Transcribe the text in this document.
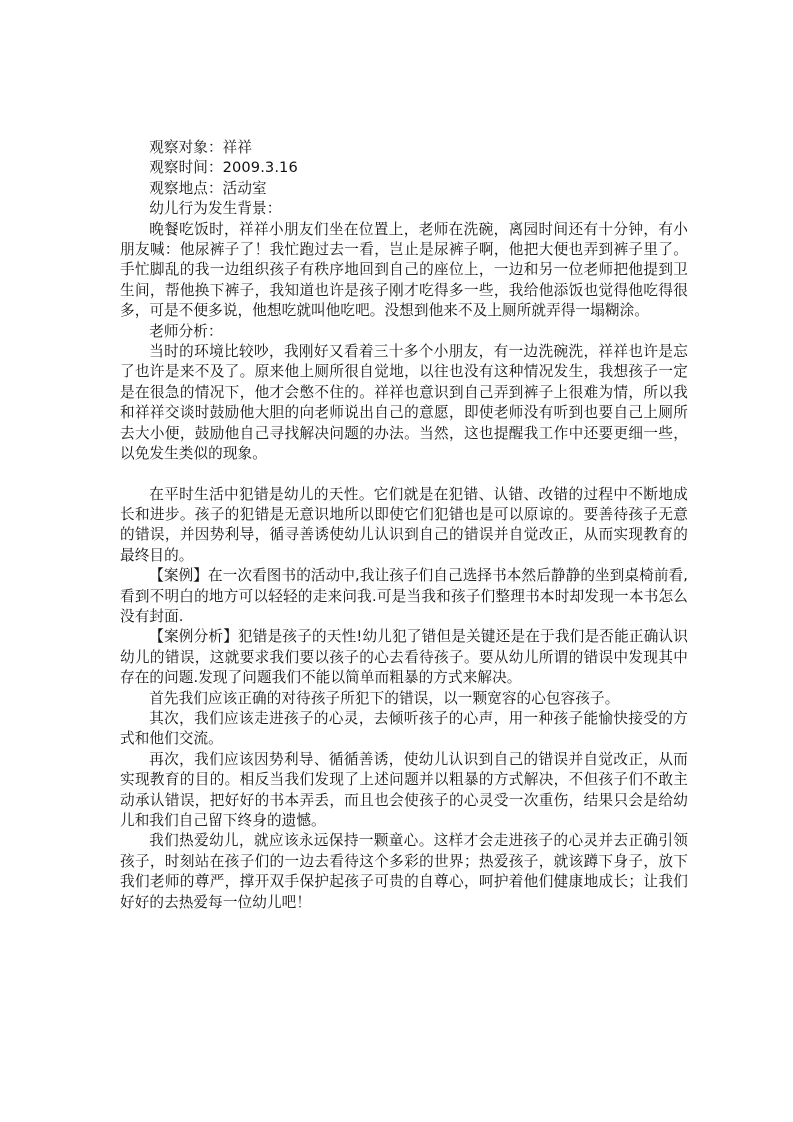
观察对象：祥祥

观察时间：2009.3.16

观察地点：活动室

幼儿行为发生背景：

晚餐吃饭时，祥祥小朋友们坐在位置上，老师在洗碗，离园时间还有十分钟，有小朋友喊：他尿裤子了！我忙跑过去一看，岂止是尿裤子啊，他把大便也弄到裤子里了。手忙脚乱的我一边组织孩子有秩序地回到自己的座位上，一边和另一位老师把他提到卫生间，帮他换下裤子，我知道也许是孩子刚才吃得多一些，我给他添饭也觉得他吃得很多，可是不便多说，他想吃就叫他吃吧。没想到他来不及上厕所就弄得一塌糊涂。

老师分析：

当时的环境比较吵，我刚好又看着三十多个小朋友，有一边洗碗洗，祥祥也许是忘了也许是来不及了。原来他上厕所很自觉地，以往也没有这种情况发生，我想孩子一定是在很急的情况下，他才会憋不住的。祥祥也意识到自己弄到裤子上很难为情，所以我和祥祥交谈时鼓励他大胆的向老师说出自己的意愿，即使老师没有听到也要自己上厕所去大小便，鼓励他自己寻找解决问题的办法。当然，这也提醒我工作中还要更细一些，以免发生类似的现象。

在平时生活中犯错是幼儿的天性。它们就是在犯错、认错、改错的过程中不断地成长和进步。孩子的犯错是无意识地所以即使它们犯错也是可以原谅的。要善待孩子无意的错误，并因势利导，循寻善诱使幼儿认识到自己的错误并自觉改正，从而实现教育的最终目的。

【案例】在一次看图书的活动中,我让孩子们自己选择书本然后静静的坐到桌椅前看,看到不明白的地方可以轻轻的走来问我.可是当我和孩子们整理书本时却发现一本书怎么没有封面.

【案例分析】犯错是孩子的天性!幼儿犯了错但是关键还是在于我们是否能正确认识幼儿的错误，这就要求我们要以孩子的心去看待孩子。要从幼儿所谓的错误中发现其中存在的问题.发现了问题我们不能以简单而粗暴的方式来解决。

首先我们应该正确的对待孩子所犯下的错误，以一颗宽容的心包容孩子。

其次，我们应该走进孩子的心灵，去倾听孩子的心声，用一种孩子能愉快接受的方式和他们交流。

再次，我们应该因势利导、循循善诱，使幼儿认识到自己的错误并自觉改正，从而实现教育的目的。相反当我们发现了上述问题并以粗暴的方式解决，不但孩子们不敢主动承认错误，把好好的书本弄丢，而且也会使孩子的心灵受一次重伤，结果只会是给幼儿和我们自己留下终身的遗憾。

我们热爱幼儿，就应该永远保持一颗童心。这样才会走进孩子的心灵并去正确引领孩子，时刻站在孩子们的一边去看待这个多彩的世界；热爱孩子，就该蹲下身子，放下我们老师的尊严，撑开双手保护起孩子可贵的自尊心，呵护着他们健康地成长；让我们好好的去热爱每一位幼儿吧！
